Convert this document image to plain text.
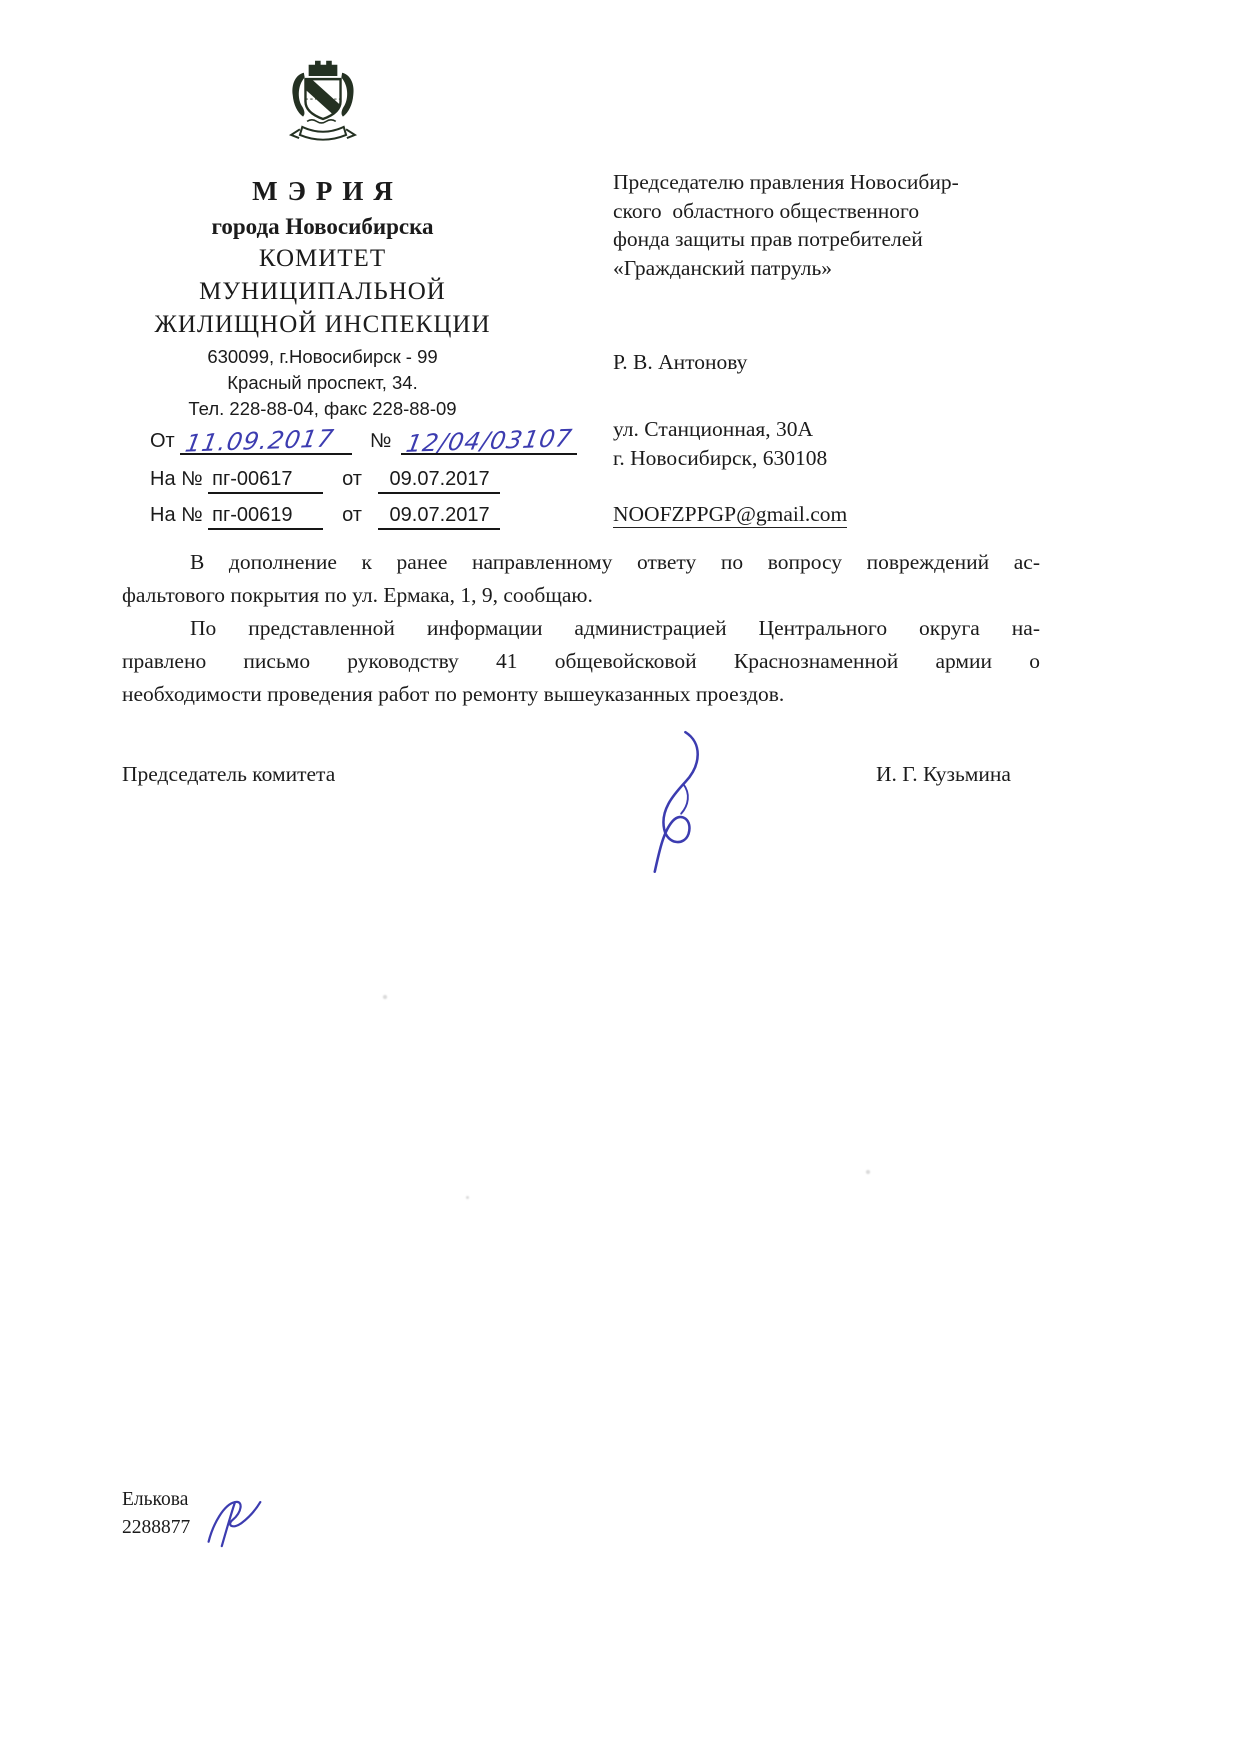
МЭРИЯ
города Новосибирска
КОМИТЕТ
МУНИЦИПАЛЬНОЙ
ЖИЛИЩНОЙ ИНСПЕКЦИИ
630099, г.Новосибирск - 99
Красный проспект, 34.
Тел. 228-88-04, факс 228-88-09
От 11.09.2017 № 12/04/03107
На № пг-00617 от 09.07.2017
На № пг-00619 от 09.07.2017
Председателю правления Новосибир-
ского  областного общественного
фонда защиты прав потребителей
«Гражданский патруль»
Р. В. Антонову
ул. Станционная, 30А
г. Новосибирск, 630108
NOOFZPPGP@gmail.com
В дополнение к ранее направленному ответу по вопросу повреждений ас-
фальтового покрытия по ул. Ермака, 1, 9, сообщаю.
По представленной информации администрацией Центрального округа на-
правлено письмо руководству 41 общевойсковой Краснознаменной армии о
необходимости проведения работ по ремонту вышеуказанных проездов.
Председатель комитета	И. Г. Кузьмина
Елькова
2288877
